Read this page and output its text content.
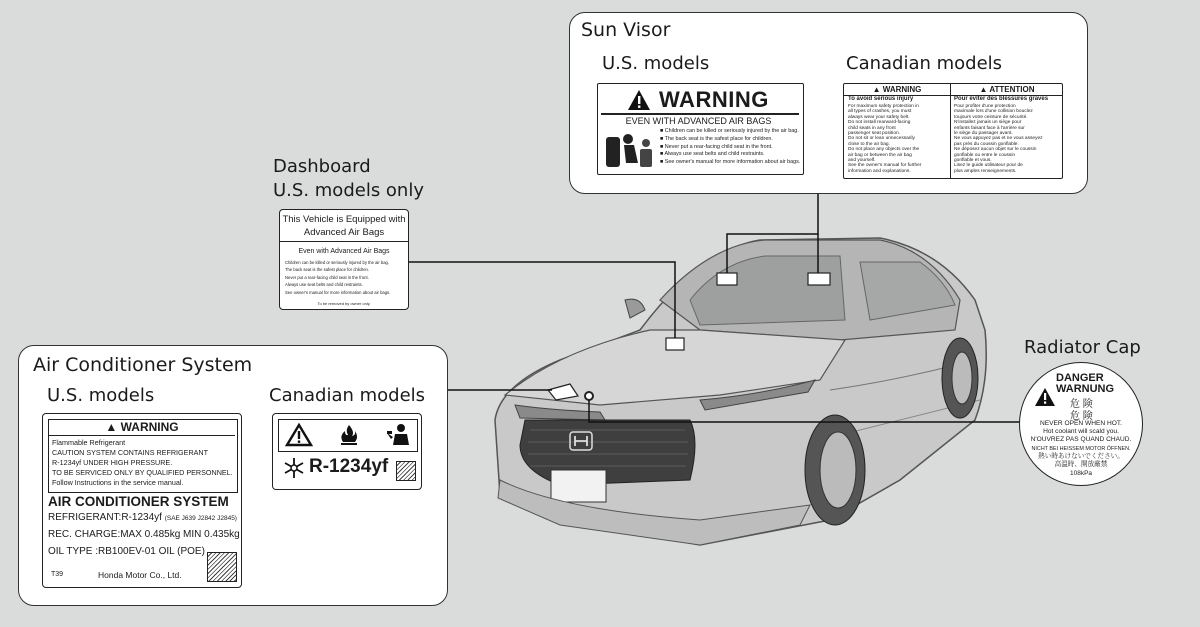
Sun Visor
U.S. models	Canadian models
WARNING
EVEN WITH ADVANCED AIR BAGS
■ Children can be killed or seriously injured by the air bag.
■ The back seat is the safest place for children.
■ Never put a rear-facing child seat in the front.
■ Always use seat belts and child restraints.
■ See owner's manual for more information about air bags.
▲ WARNING
To avoid serious injury
For maximum safety protection in
all types of crashes, you must
always wear your safety belt.
Do not install rearward-facing
child seats in any front
passenger seat position.
Do not sit or lean unnecessarily
close to the air bag.
Do not place any objects over the
air bag or between the air bag
and yourself.
See the owner's manual for further
information and explanations.
▲ ATTENTION
Pour éviter des blessures graves
Pour profiter d'une protection
maximale lors d'une collision bouclez
toujours votre ceinture de sécurité.
N'installez jamais un siège pour
enfants faisant face à l'arrière sur
le siège du passager avant.
Ne vous appuyez pas et ne vous asseyez
pas près du coussin gonflable.
Ne déposez aucun objet sur le coussin
gonflable ou entre le coussin
gonflable et vous.
Lisez le guide utilisateur pour de
plus amples renseignements.
Dashboard
U.S. models only
This Vehicle is Equipped with
Advanced Air Bags
Even with Advanced Air Bags
Children can be killed or seriously injured by the air bag.
The back seat is the safest place for children.
Never put a rear-facing child seat in the front.
Always use seat belts and child restraints.
See owner's manual for more information about air bags.
To be removed by owner only.
Air Conditioner System
U.S. models	Canadian models
▲ WARNING
Flammable Refrigerant
CAUTION SYSTEM CONTAINS REFRIGERANT
R-1234yf UNDER HIGH PRESSURE.
TO BE SERVICED ONLY BY QUALIFIED PERSONNEL.
Follow Instructions in the service manual.
AIR CONDITIONER SYSTEM
REFRIGERANT:R-1234yf (SAE J639 J2842 J2845)
REC. CHARGE:MAX 0.485kg MIN 0.435kg
OIL TYPE :RB100EV-01 OIL (POE)
T39	Honda Motor Co., Ltd.
R-1234yf
Radiator Cap
DANGER
WARNUNG
危 険
危 険
NEVER OPEN WHEN HOT.
Hot coolant will scald you.
N'OUVREZ PAS QUAND CHAUD.
NICHT BEI HEISSEM MOTOR ÖFFNEN.
熱い時あけないでください。
高温時、開放厳禁
108kPa
